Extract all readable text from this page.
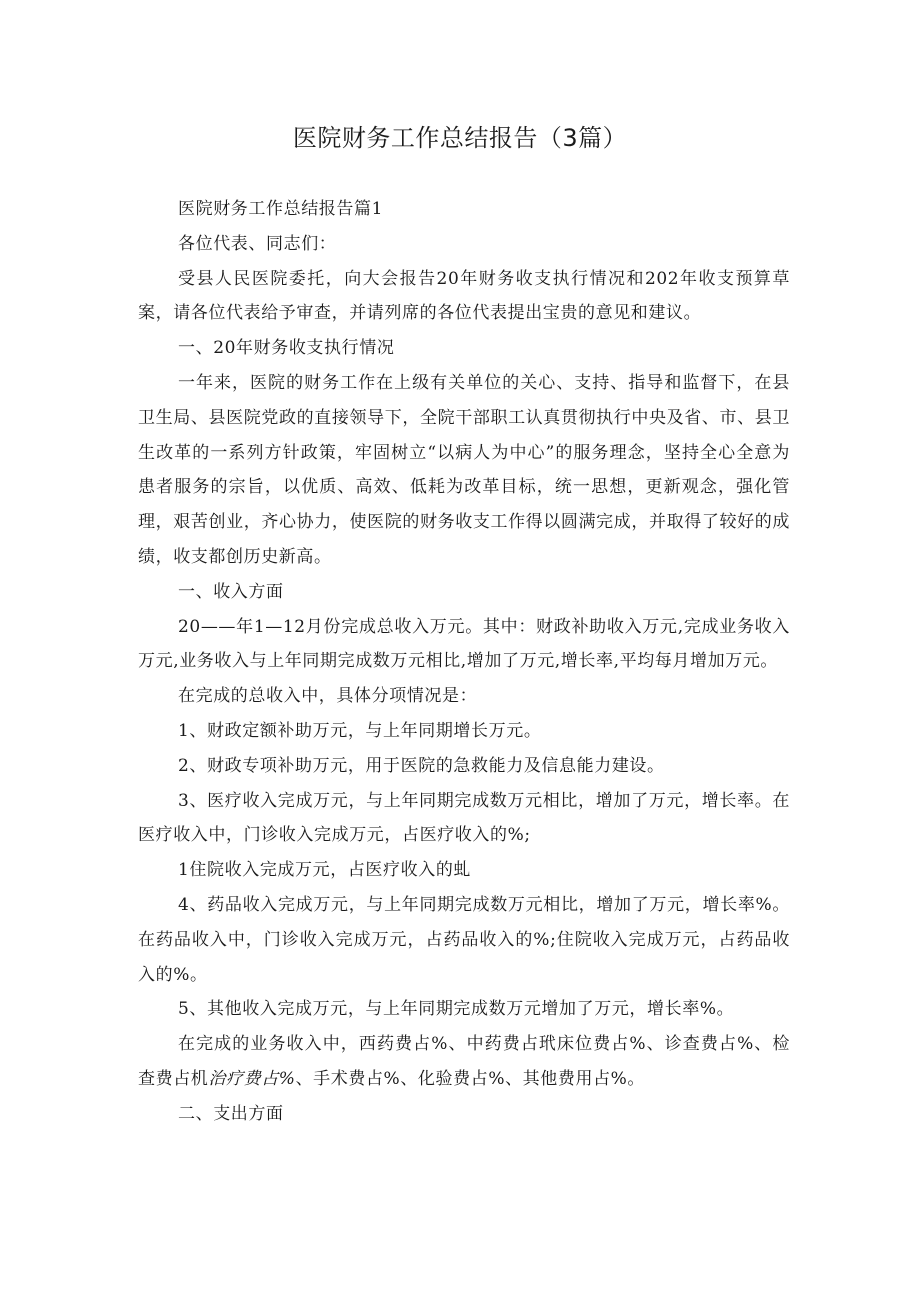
医院财务工作总结报告（3篇）

医院财务工作总结报告篇1

各位代表、同志们：

受县人民医院委托，向大会报告20年财务收支执行情况和202年收支预算草案，请各位代表给予审查，并请列席的各位代表提出宝贵的意见和建议。

一、20年财务收支执行情况

一年来，医院的财务工作在上级有关单位的关心、支持、指导和监督下，在县卫生局、县医院党政的直接领导下，全院干部职工认真贯彻执行中央及省、市、县卫生改革的一系列方针政策，牢固树立“以病人为中心”的服务理念，坚持全心全意为患者服务的宗旨，以优质、高效、低耗为改革目标，统一思想，更新观念，强化管理，艰苦创业，齐心协力，使医院的财务收支工作得以圆满完成，并取得了较好的成绩，收支都创历史新高。

一、收入方面

20——年1—12月份完成总收入万元。其中：财政补助收入万元,完成业务收入万元,业务收入与上年同期完成数万元相比,增加了万元,增长率,平均每月增加万元。

在完成的总收入中，具体分项情况是：

1、财政定额补助万元，与上年同期增长万元。

2、财政专项补助万元，用于医院的急救能力及信息能力建设。

3、医疗收入完成万元，与上年同期完成数万元相比，增加了万元，增长率。在医疗收入中，门诊收入完成万元，占医疗收入的%;

1住院收入完成万元，占医疗收入的虬

4、药品收入完成万元，与上年同期完成数万元相比，增加了万元，增长率%。在药品收入中，门诊收入完成万元，占药品收入的%;住院收入完成万元，占药品收入的%。

5、其他收入完成万元，与上年同期完成数万元增加了万元，增长率%。

在完成的业务收入中，西药费占%、中药费占玳床位费占%、诊查费占%、检查费占机治疗费占%、手术费占%、化验费占%、其他费用占%。

二、支出方面
